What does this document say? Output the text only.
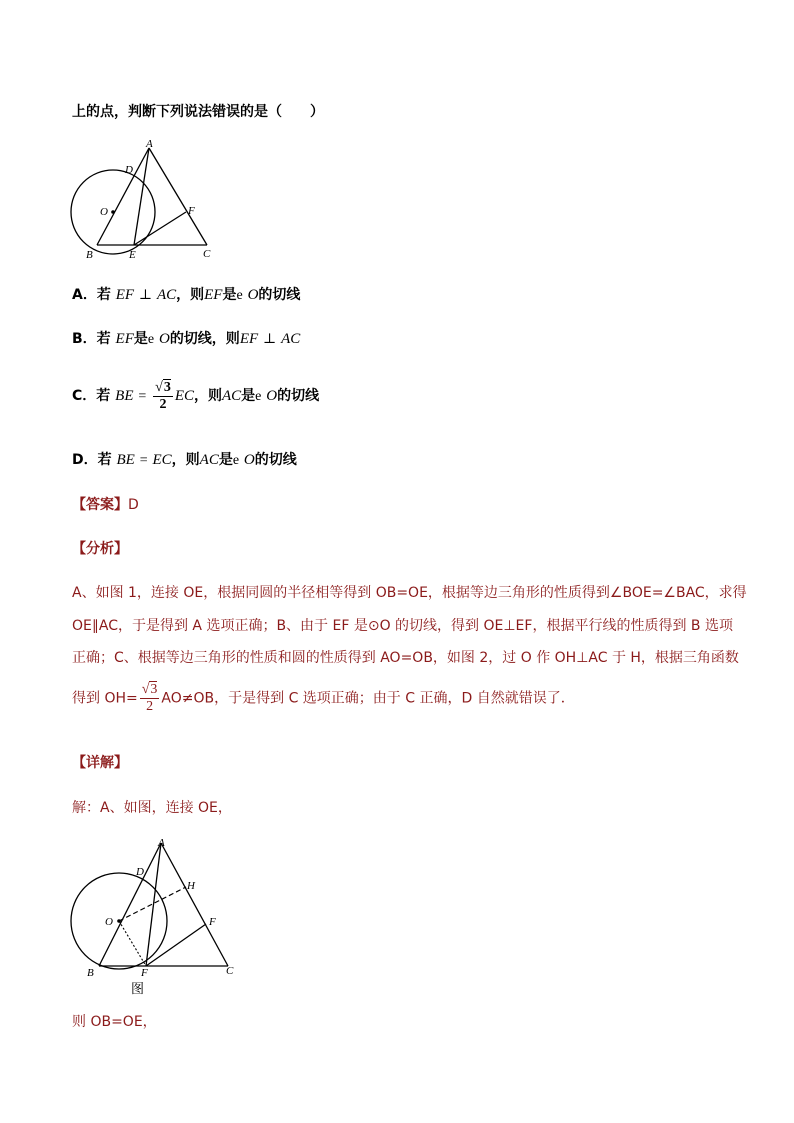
上的点，判断下列说法错误的是（　　）
A
D
O	F
B	E	C
A．若 EF ⊥ AC，则EF是e O的切线
B．若 EF是e O的切线，则EF ⊥ AC
C．若 BE = $\frac{√3}{2}$ EC，则AC是e O的切线
D．若 BE = EC，则AC是e O的切线
【答案】D
【分析】
A、如图 1，连接 OE，根据同圆的半径相等得到 OB=OE，根据等边三角形的性质得到∠BOE=∠BAC，求得
OE∥AC，于是得到 A 选项正确；B、由于 EF 是⊙O 的切线，得到 OE⊥EF，根据平行线的性质得到 B 选项
正确；C、根据等边三角形的性质和圆的性质得到 AO=OB，如图 2，过 O 作 OH⊥AC 于 H，根据三角函数
得到 $OH= \frac{√3}{2} AO\ne OB$，于是得到 C 选项正确；由于 C 正确，D 自然就错误了．
【详解】
解：A、如图，连接 OE，
A
D
H
O	F
B	F	C
图
则 OB=OE，
